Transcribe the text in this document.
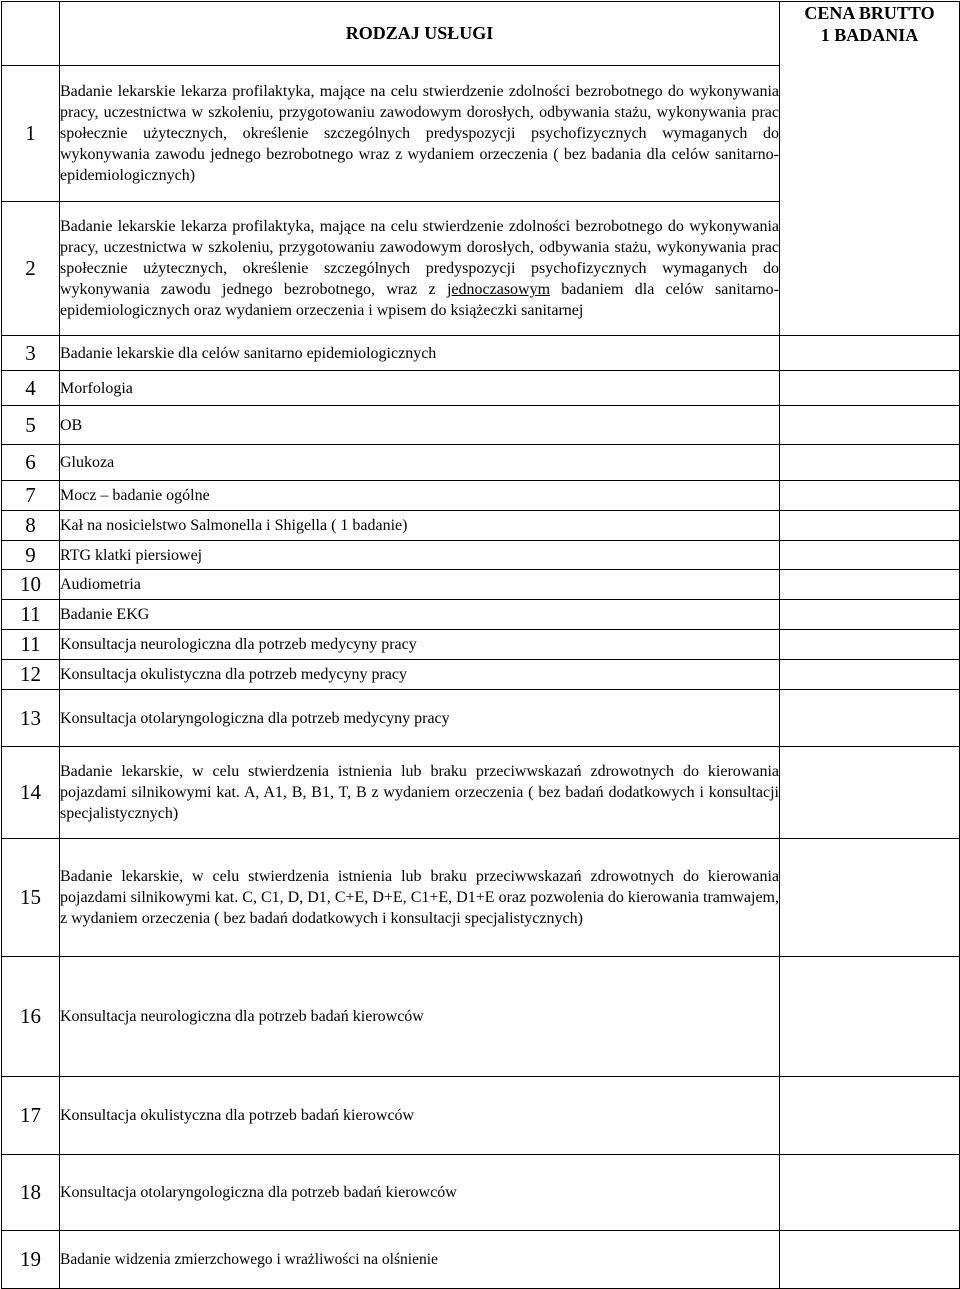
	RODZAJ USŁUGI	CENA BRUTTO
1 BADANIA

1	Badanie lekarskie lekarza profilaktyka, mające na celu stwierdzenie zdolności bezrobotnego do wykonywania pracy, uczestnictwa w szkoleniu, przygotowaniu zawodowym dorosłych, odbywania stażu, wykonywania prac społecznie użytecznych, określenie szczególnych predyspozycji psychofizycznych wymaganych do wykonywania zawodu jednego bezrobotnego wraz z wydaniem orzeczenia ( bez badania dla celów sanitarno-epidemiologicznych)	
2	Badanie lekarskie lekarza profilaktyka, mające na celu stwierdzenie zdolności bezrobotnego do wykonywania pracy, uczestnictwa w szkoleniu, przygotowaniu zawodowym dorosłych, odbywania stażu, wykonywania prac społecznie użytecznych, określenie szczególnych predyspozycji psychofizycznych wymaganych do wykonywania zawodu jednego bezrobotnego, wraz z jednoczasowym badaniem dla celów sanitarno-epidemiologicznych oraz wydaniem orzeczenia i wpisem do książeczki sanitarnej	
3	Badanie lekarskie dla celów sanitarno epidemiologicznych	
4	Morfologia	
5	OB	
6	Glukoza	
7	Mocz – badanie ogólne	
8	Kał na nosicielstwo Salmonella i Shigella ( 1 badanie)	
9	RTG klatki piersiowej	
10	Audiometria	
11	Badanie EKG	
11	Konsultacja neurologiczna dla potrzeb medycyny pracy	
12	Konsultacja okulistyczna dla potrzeb medycyny pracy	
13	Konsultacja otolaryngologiczna dla potrzeb medycyny pracy	
14	Badanie lekarskie, w celu stwierdzenia istnienia lub braku przeciwwskazań zdrowotnych do kierowania pojazdami silnikowymi kat. A, A1, B, B1, T, B z wydaniem orzeczenia ( bez badań dodatkowych i konsultacji specjalistycznych)	
15	Badanie lekarskie, w celu stwierdzenia istnienia lub braku przeciwwskazań zdrowotnych do kierowania pojazdami silnikowymi kat. C, C1, D, D1, C+E, D+E, C1+E, D1+E oraz pozwolenia do kierowania tramwajem, z wydaniem orzeczenia ( bez badań dodatkowych i konsultacji specjalistycznych)	
16	Konsultacja neurologiczna dla potrzeb badań kierowców	
17	Konsultacja okulistyczna dla potrzeb badań kierowców	
18	Konsultacja otolaryngologiczna dla potrzeb badań kierowców	
19	Badanie widzenia zmierzchowego i wrażliwości na olśnienie	
